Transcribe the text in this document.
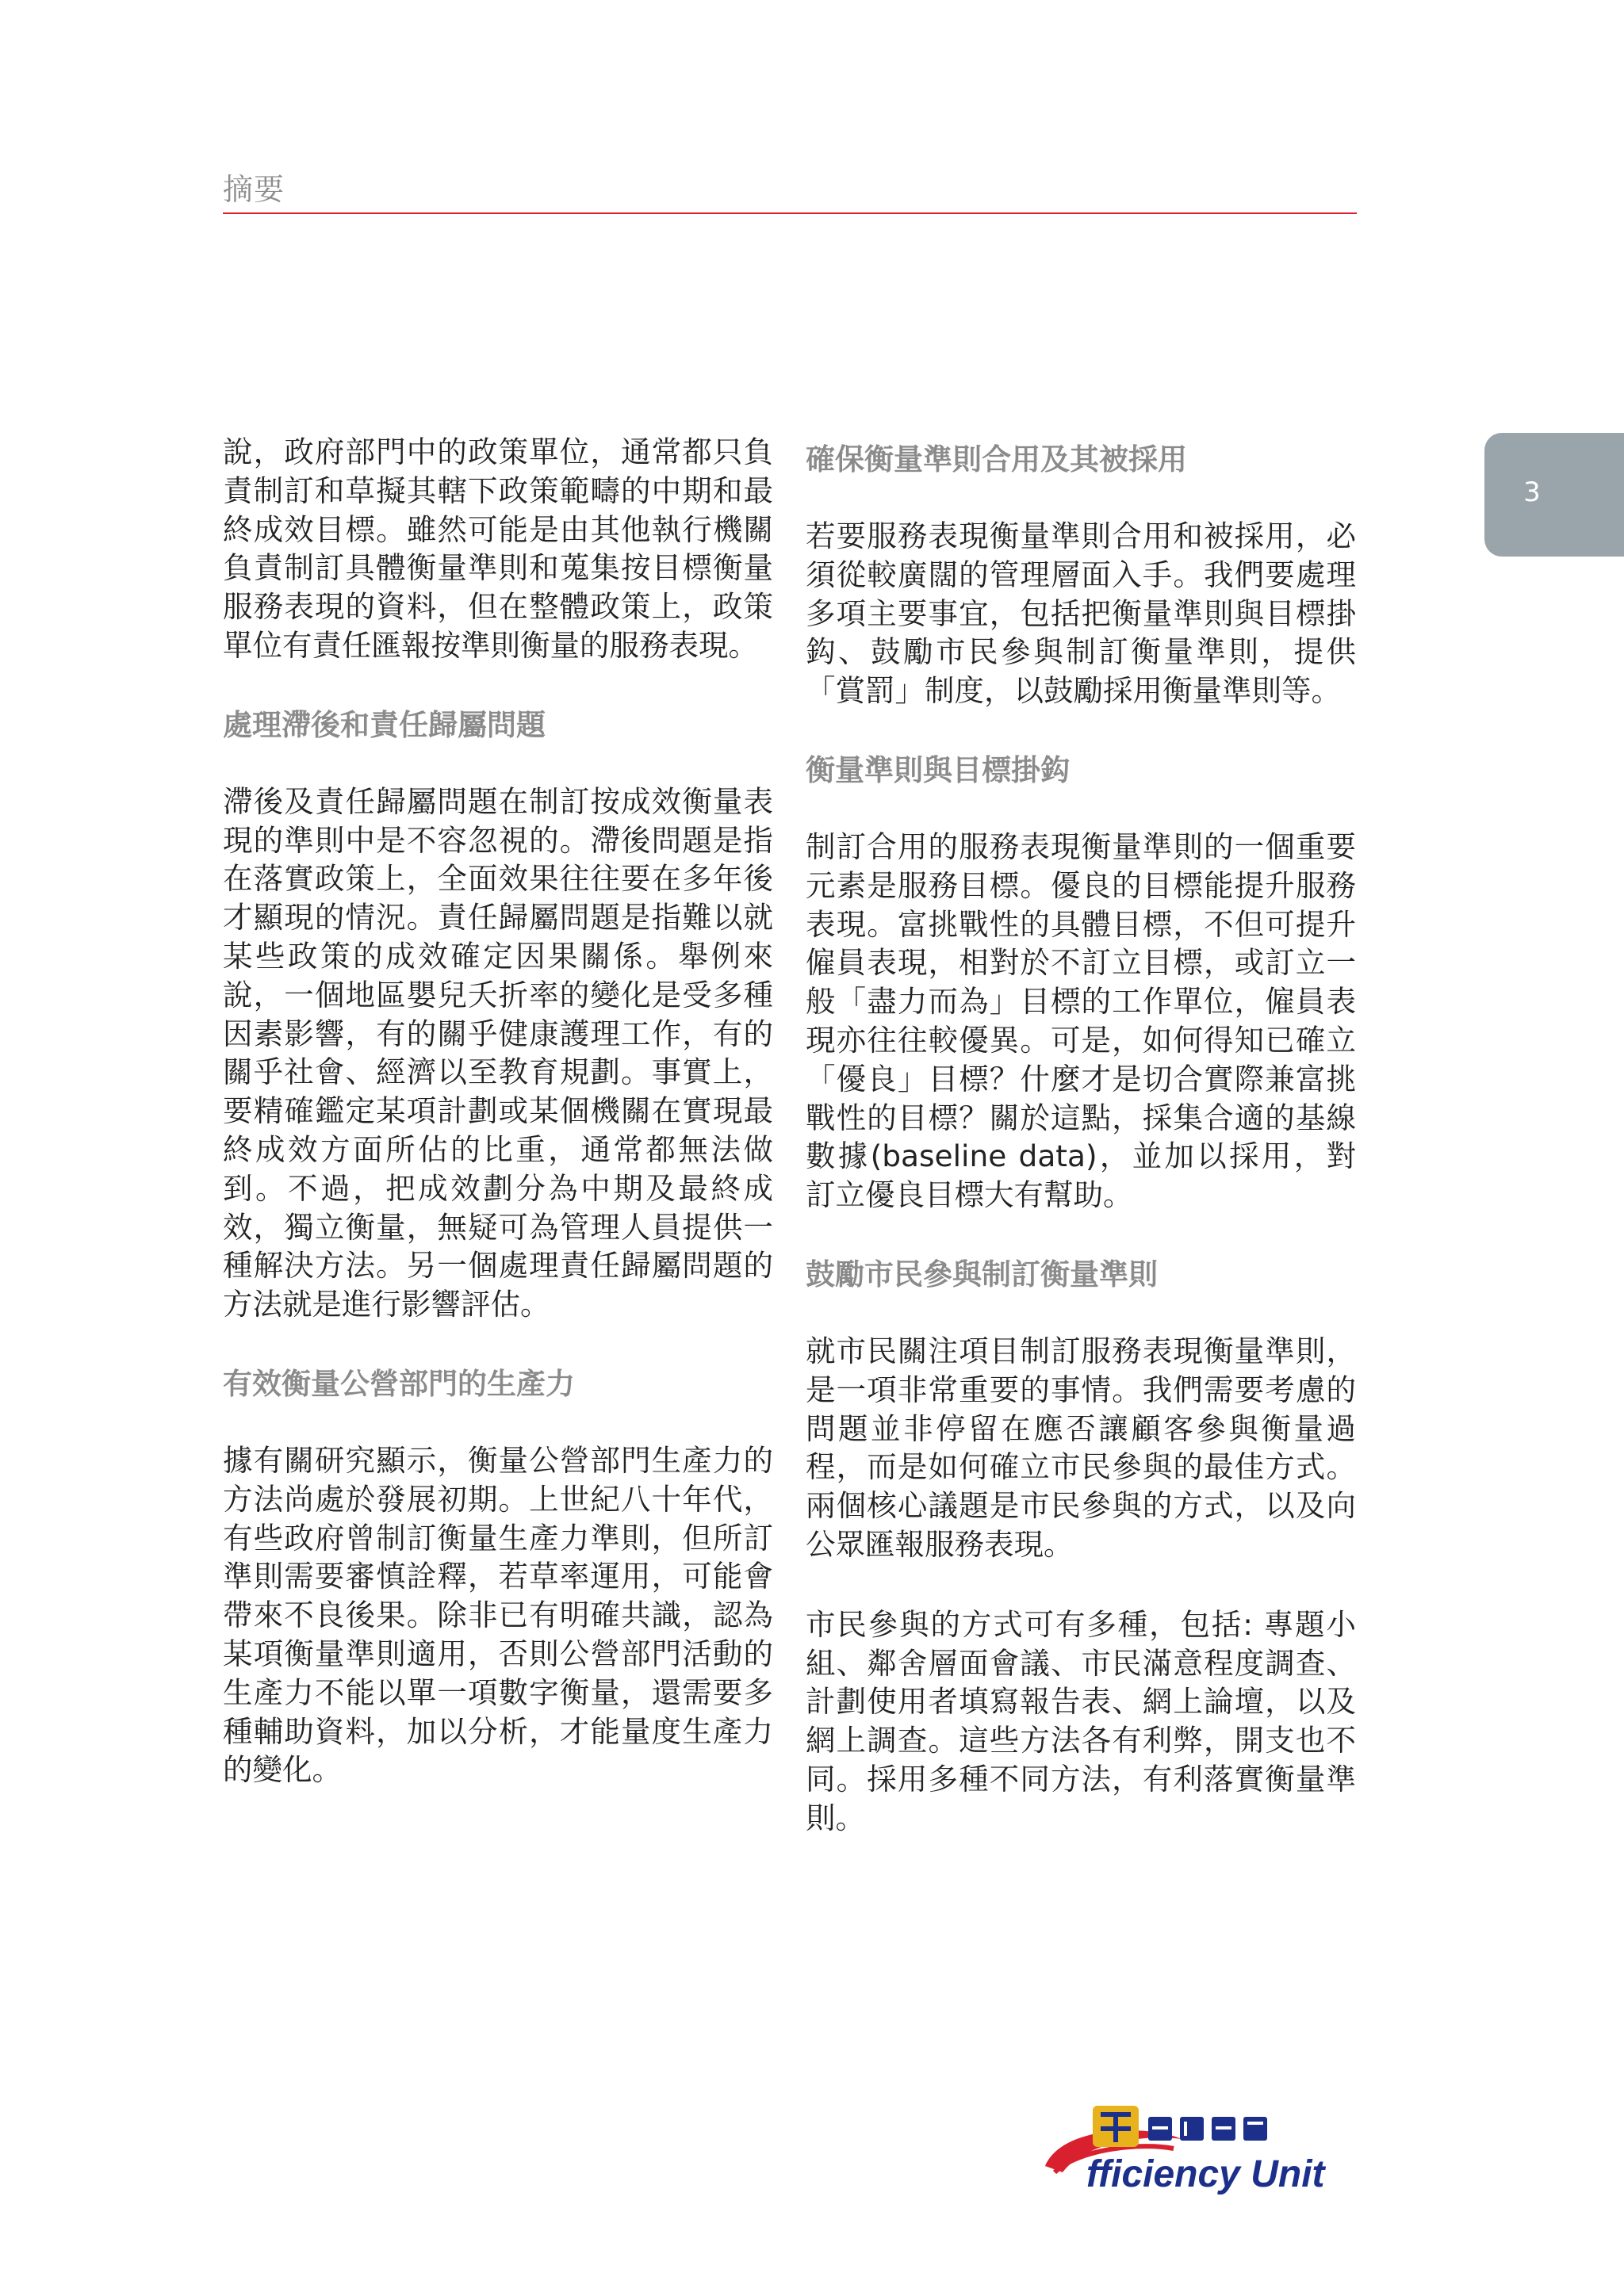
摘要
3

說，政府部門中的政策單位，通常都只負責制訂和草擬其轄下政策範疇的中期和最終成效目標。雖然可能是由其他執行機關負責制訂具體衡量準則和蒐集按目標衡量服務表現的資料，但在整體政策上，政策單位有責任匯報按準則衡量的服務表現。

處理滯後和責任歸屬問題

滯後及責任歸屬問題在制訂按成效衡量表現的準則中是不容忽視的。滯後問題是指在落實政策上，全面效果往往要在多年後才顯現的情況。責任歸屬問題是指難以就某些政策的成效確定因果關係。舉例來說，一個地區嬰兒夭折率的變化是受多種因素影響，有的關乎健康護理工作，有的關乎社會、經濟以至教育規劃。事實上，要精確鑑定某項計劃或某個機關在實現最終成效方面所佔的比重，通常都無法做到。不過，把成效劃分為中期及最終成效，獨立衡量，無疑可為管理人員提供一種解決方法。另一個處理責任歸屬問題的方法就是進行影響評估。

有效衡量公營部門的生產力

據有關研究顯示，衡量公營部門生產力的方法尚處於發展初期。上世紀八十年代，有些政府曾制訂衡量生產力準則，但所訂準則需要審慎詮釋，若草率運用，可能會帶來不良後果。除非已有明確共識，認為某項衡量準則適用，否則公營部門活動的生產力不能以單一項數字衡量，還需要多種輔助資料，加以分析，才能量度生產力的變化。

確保衡量準則合用及其被採用

若要服務表現衡量準則合用和被採用，必須從較廣闊的管理層面入手。我們要處理多項主要事宜，包括把衡量準則與目標掛鈎、鼓勵市民參與制訂衡量準則，提供「賞罰」制度，以鼓勵採用衡量準則等。

衡量準則與目標掛鈎

制訂合用的服務表現衡量準則的一個重要元素是服務目標。優良的目標能提升服務表現。富挑戰性的具體目標，不但可提升僱員表現，相對於不訂立目標，或訂立一般「盡力而為」目標的工作單位，僱員表現亦往往較優異。可是，如何得知已確立「優良」目標？什麼才是切合實際兼富挑戰性的目標？關於這點，採集合適的基線數據(baseline data)，並加以採用，對訂立優良目標大有幫助。

鼓勵市民參與制訂衡量準則

就市民關注項目制訂服務表現衡量準則，是一項非常重要的事情。我們需要考慮的問題並非停留在應否讓顧客參與衡量過程，而是如何確立市民參與的最佳方式。兩個核心議題是市民參與的方式，以及向公眾匯報服務表現。

市民參與的方式可有多種，包括: 專題小組、鄰舍層面會議、市民滿意程度調查、計劃使用者填寫報告表、網上論壇，以及網上調查。這些方法各有利弊，開支也不同。採用多種不同方法，有利落實衡量準則。

fficiency Unit
